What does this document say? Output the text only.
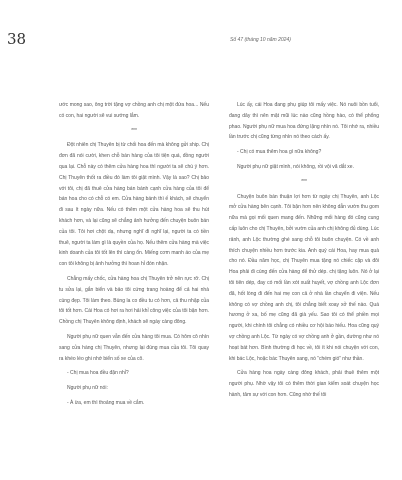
38	Số 47 (tháng 10 năm 2024)

ước mong sao, ông trời tặng vợ chồng anh chị một đứa hoa... Nếu có con, hai người sẽ vui sướng lắm.

***

Đột nhiên chị Thuyên bị từ chối hoa đến mà không gửi ship. Chị đơn đã nói cười, khen chỗ bán hàng của tôi tiện quá, đồng người qua lại. Chỗ này có thêm cửa hàng hoa thì người ta sẽ chú ý hơn. Chị Thuyên thốt ra điều đó làm tôi giật mình. Vậy là sao? Chị bảo với tôi, chị đã thuê cửa hàng bán bánh cạnh cửa hàng của tôi để bán hoa cho có chỗ có em. Cửa hàng bánh thì ế khách, sẽ chuyển đi sau ít ngày nữa. Nếu có thêm một cửa hàng hoa sẽ thu hút khách hơn, và lại cũng sẽ chẳng ảnh hưởng đến chuyện buôn bán của tôi. Tôi hơi chột dạ, nhưng nghĩ đi nghĩ lại, người ta có tiền thuê, người ta làm gì là quyền của họ. Nếu thêm cửa hàng mà việc kinh doanh của tôi tốt lên thì càng ổn. Miếng cơm manh áo của mẹ con tôi không bị ảnh hưởng thì hoan hỉ đón nhận.

Chẳng mấy chốc, cửa hàng hoa chị Thuyên trở nên rực rỡ. Chị tu sửa lại, gắn biển và bảo tôi cứng trang hoàng để cả hai nhà cùng đẹp. Tôi làm theo. Bùng la co đều tu có hơn, cả thu nhập của tôi tốt hơn. Cái Hoa có hơi ra hơi hải khỉ công việc của tôi bận hơn. Chồng chị Thuyên không định, khách sẽ ngày càng đông.

Người phụ nữ quen vẫn đến cửa hàng tôi mua. Có hôm cô nhìn sang cửa hàng chị Thuyên, nhưng lại đúng mua của tôi. Tôi quay ra khéo léo ghi nhớ biển số xe của cô.

- Chị mua hoa đều đặn nhỉ?

Người phụ nữ nói:

- À ừa, em thì thoảng mua về cắm.

Lúc ấy, cái Hoa đang phụ giúp tôi mấy việc. Nó nuôi bồn tuổi, đang dây thì nên mặt mũi lúc nào cũng hồng hào, có thể phổng phao. Người phụ nữ mua hoa đứng lặng nhìn nó. Tôi nhớ ra, nhiều lần trước chị cũng từng nhìn nó theo cách ấy.

- Chị có mua thêm hoa gì nữa không?

Người phụ nữ giật mình, nói không, rồi vội vã dắt xe.

***

Chuyện buôn bán thuận lợi hơn từ ngày chị Thuyên, anh Lộc mở cửa hàng bên cạnh. Tôi bận hơn nên không dẫn vườn thu gom nữa mà gọi mối quen mang đến. Những mối hàng đó cũng cung cấp luôn cho chị Thuyên, bởi vườn của anh chị không đủ dùng. Lúc rảnh, anh Lộc thường ghé sang chỗ tôi buôn chuyện. Có về anh thích chuyện nhiều hơn trước kia. Anh quý cái Hoa, hay mua quà cho nó. Đầu năm học, chị Thuyên mua tặng nó chiếc cặp và đôi Hoa phải đi cùng đến cửa hàng để thử dép. chị tặng luôn. Nó ở lại tôi tiên dép, đay có mối lần xót xuất huyết, vợ chồng anh Lộc đơn đã, hốt lòng đi đến hai mẹ con cả ở nhà lần chuyển đi viện. Nếu không có vợ chồng anh chị, tôi chẳng biết xoay xở thế nào. Quá hương ở xa, bố mẹ cũng đã già yếu. Sao tôi có thể phiền mọi người, khi chính tôi chẳng có nhiều cơ hội báo hiếu. Hoa cũng quý vợ chồng anh Lộc. Từ ngày có vợ chồng anh ở gần, dường như nó hoạt bát hơn. Bình thường đi học về, tôi ít khi nói chuyện với con, khi bác Lộc, hoặc bác Thuyên sang, nó “chém gió” như thần.

Cửa hàng hoa ngày càng đông khách, phải thuê thêm một người phụ. Nhờ vậy tôi có thêm thời gian kiểm soát chuyện học hành, tâm sự với con hơn. Cũng nhờ thế tôi
